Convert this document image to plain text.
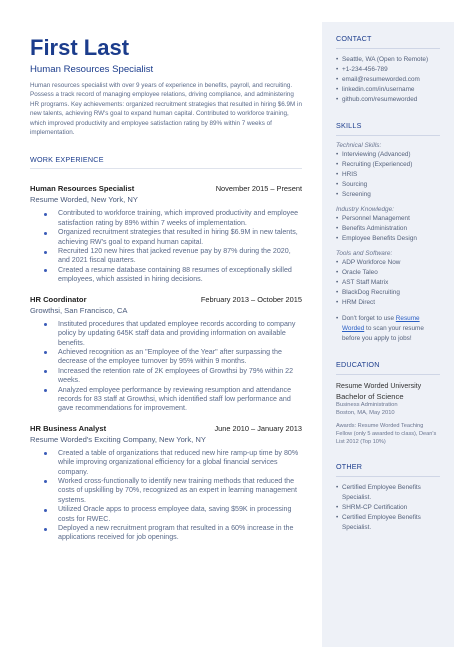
First Last
Human Resources Specialist

Human resources specialist with over 9 years of experience in benefits, payroll, and recruiting. Possess a track record of managing employee relations, driving compliance, and administering HR programs. Key achievements: organized recruitment strategies that resulted in hiring $6.9M in new talents, achieving RW's goal to expand human capital. Contributed to workforce training, which improved productivity and employee satisfaction rating by 89% within 7 weeks of implementation.

WORK EXPERIENCE
Human Resources Specialist	November 2015 – Present
Resume Worded, New York, NY
Contributed to workforce training, which improved productivity and employee satisfaction rating by 89% within 7 weeks of implementation.
Organized recruitment strategies that resulted in hiring $6.9M in new talents, achieving RW's goal to expand human capital.
Recruited 120 new hires that jacked revenue pay by 87% during the 2020, and 2021 fiscal quarters.
Created a resume database containing 88 resumes of exceptionally skilled employees, which assisted in hiring decisions.
HR Coordinator	February 2013 – October 2015
Growthsi, San Francisco, CA
Instituted procedures that updated employee records according to company policy by updating 645K staff data and providing information on available benefits.
Achieved recognition as an "Employee of the Year" after surpassing the decrease of the employee turnover by 95% within 9 months.
Increased the retention rate of 2K employees of Growthsi by 79% within 22 weeks.
Analyzed employee performance by reviewing resumption and attendance records for 83 staff at Growthsi, which identified staff low performance and gave recommendations for improvement.
HR Business Analyst	June 2010 – January 2013
Resume Worded's Exciting Company, New York, NY
Created a table of organizations that reduced new hire ramp-up time by 80% while improving organizational efficiency for a global financial services company.
Worked cross-functionally to identify new training methods that reduced the costs of upskilling by 70%, recognized as an expert in learning management systems.
Utilized Oracle apps to process employee data, saving $59K in processing costs for RWEC.
Deployed a new recruitment program that resulted in a 60% increase in the applications received for job openings.
CONTACT
• Seattle, WA (Open to Remote)
• +1-234-456-789
• email@resumeworded.com
• linkedin.com/in/username
• github.com/resumeworded
SKILLS
Technical Skills:
• Interviewing (Advanced)
• Recruiting (Experienced)
• HRIS
• Sourcing
• Screening
Industry Knowledge:
• Personnel Management
• Benefits Administration
• Employee Benefits Design
Tools and Software:
• ADP Workforce Now
• Oracle Taleo
• AST Staff Matrix
• BlackDog Recruiting
• HRM Direct
• Don't forget to use Resume Worded to scan your resume before you apply to jobs!
EDUCATION
Resume Worded University
Bachelor of Science
Business Administration
Boston, MA, May 2010
Awards: Resume Worded Teaching Fellow (only 5 awarded to class), Dean's List 2012 (Top 10%)
OTHER
• Certified Employee Benefits Specialist.
• SHRM-CP Certification
• Certified Employee Benefits Specialist.
